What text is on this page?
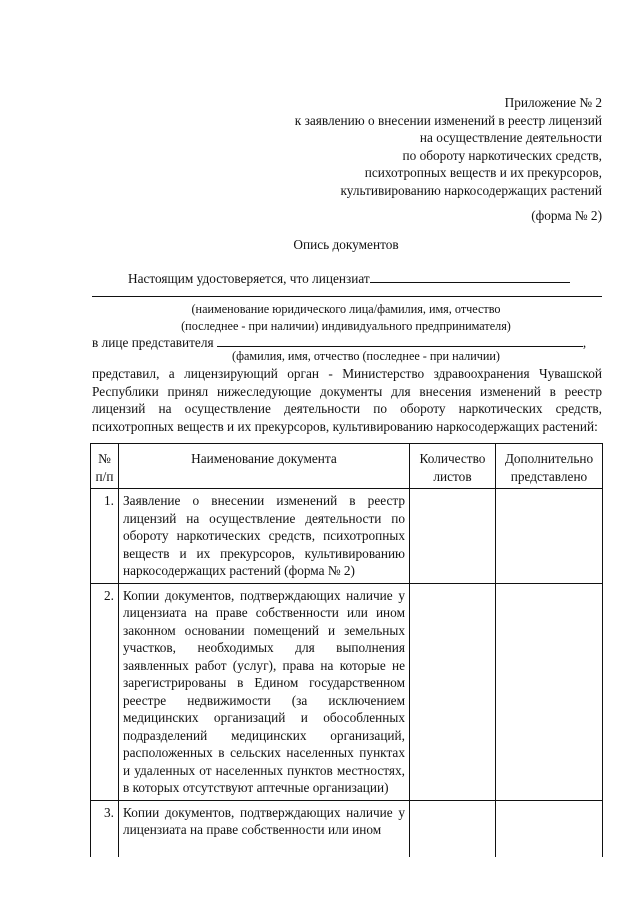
Приложение № 2
к заявлению о внесении изменений в реестр лицензий
на осуществление деятельности
по обороту наркотических средств,
психотропных веществ и их прекурсоров,
культивированию наркосодержащих растений
(форма № 2)
Опись документов
Настоящим удостоверяется, что лицензиат
(наименование юридического лица/фамилия, имя, отчество
(последнее - при наличии) индивидуального предпринимателя)
в лице представителя	,
(фамилия, имя, отчество (последнее - при наличии)
представил, а лицензирующий орган - Министерство здравоохранения Чувашской Республики принял нижеследующие документы для внесения изменений в реестр лицензий на осуществление деятельности по обороту наркотических средств, психотропных веществ и их прекурсоров, культивированию наркосодержащих растений:
№ п/п	Наименование документа	Количество листов	Дополнительно представлено
1.	Заявление о внесении изменений в реестр лицензий на осуществление деятельности по обороту наркотических средств, психотропных веществ и их прекурсоров, культивированию наркосодержащих растений (форма № 2)		
2.	Копии документов, подтверждающих наличие у лицензиата на праве собственности или ином законном основании помещений и земельных участков, необходимых для выполнения заявленных работ (услуг), права на которые не зарегистрированы в Едином государственном реестре недвижимости (за исключением медицинских организаций и обособленных подразделений медицинских организаций, расположенных в сельских населенных пунктах и удаленных от населенных пунктов местностях, в которых отсутствуют аптечные организации)		
3.	Копии документов, подтверждающих наличие у лицензиата на праве собственности или ином		
